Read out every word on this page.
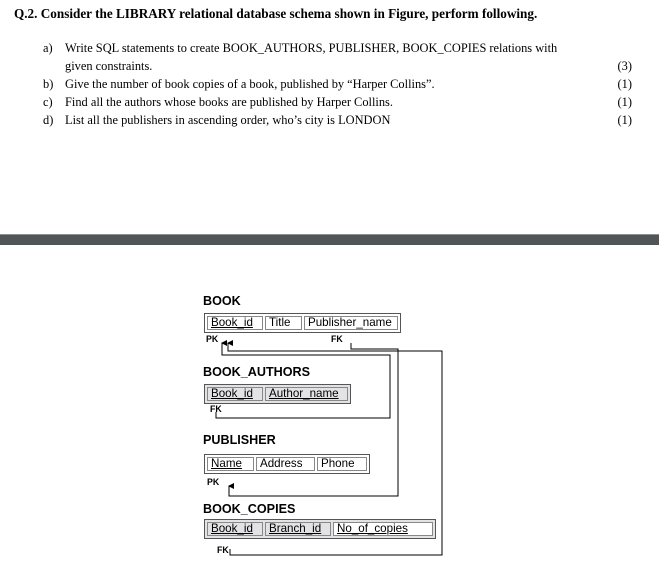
Q.2. Consider the LIBRARY relational database schema shown in Figure, perform following.
a) Write SQL statements to create BOOK_AUTHORS, PUBLISHER, BOOK_COPIES relations with
given constraints.	(3)
b) Give the number of book copies of a book, published by “Harper Collins”.	(1)
c) Find all the authors whose books are published by Harper Collins.	(1)
d) List all the publishers in ascending order, who’s city is LONDON	(1)
BOOK
Book_id	Title	Publisher_name
PK	FK
BOOK_AUTHORS
Book_id Author_name
FK
PUBLISHER
Name	Address	Phone
PK
BOOK_COPIES
Book_id Branch_id No_of_copies
FK
